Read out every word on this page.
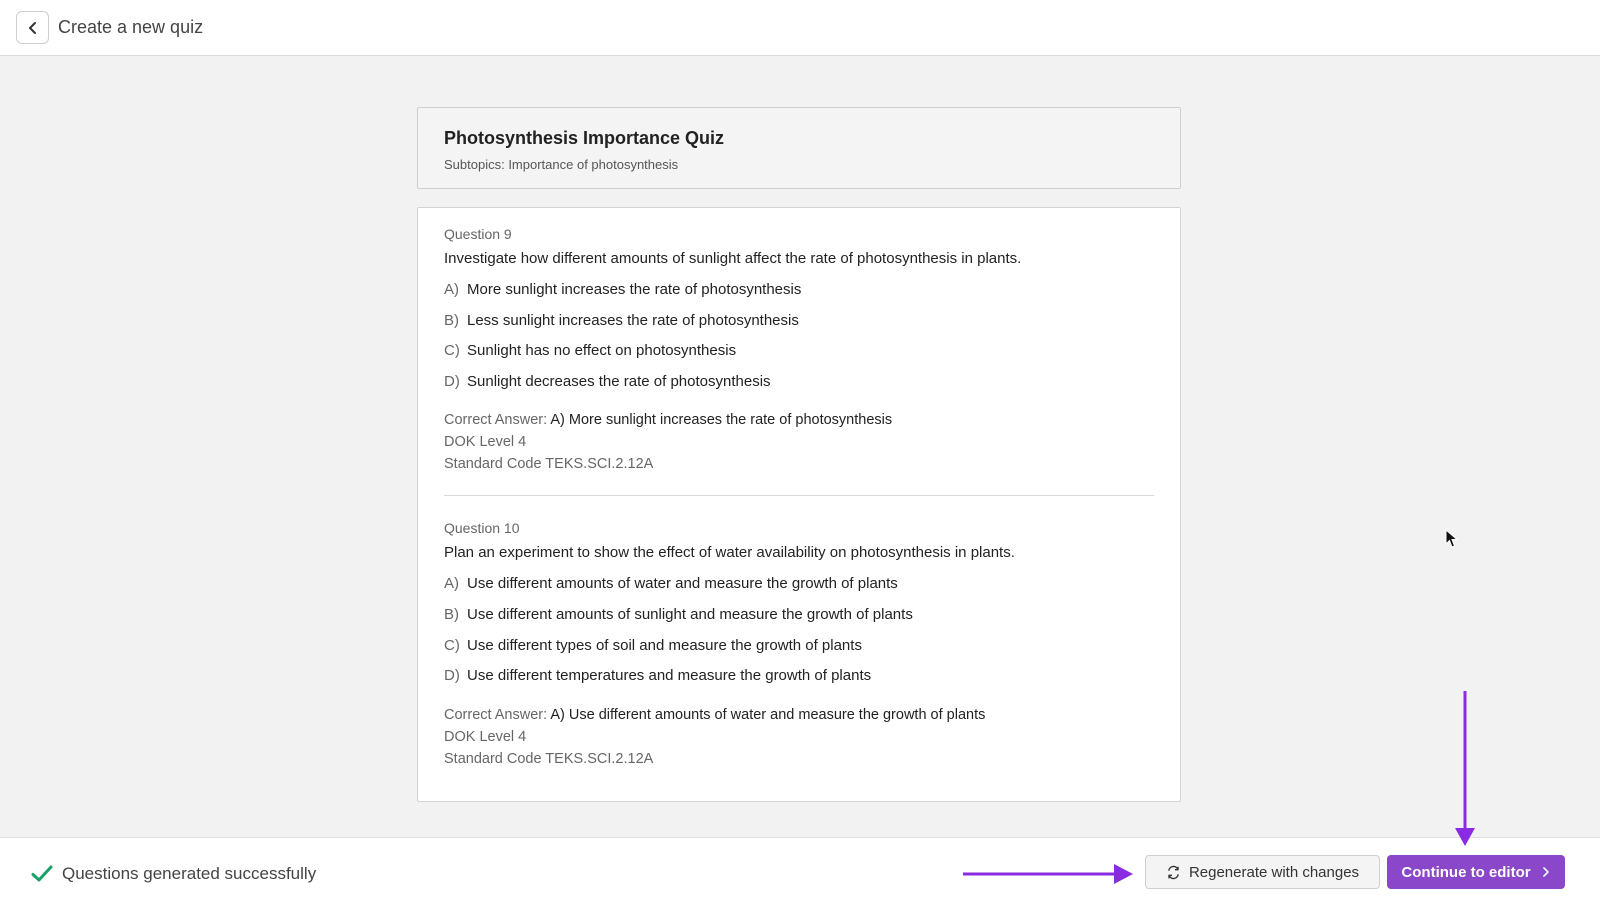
Create a new quiz
Photosynthesis Importance Quiz
Subtopics: Importance of photosynthesis
Question 9
Investigate how different amounts of sunlight affect the rate of photosynthesis in plants.
A) More sunlight increases the rate of photosynthesis
B) Less sunlight increases the rate of photosynthesis
C) Sunlight has no effect on photosynthesis
D) Sunlight decreases the rate of photosynthesis
Correct Answer: A) More sunlight increases the rate of photosynthesis
DOK Level 4
Standard Code TEKS.SCI.2.12A
Question 10
Plan an experiment to show the effect of water availability on photosynthesis in plants.
A) Use different amounts of water and measure the growth of plants
B) Use different amounts of sunlight and measure the growth of plants
C) Use different types of soil and measure the growth of plants
D) Use different temperatures and measure the growth of plants
Correct Answer: A) Use different amounts of water and measure the growth of plants
DOK Level 4
Standard Code TEKS.SCI.2.12A
Questions generated successfully	Regenerate with changes	Continue to editor
